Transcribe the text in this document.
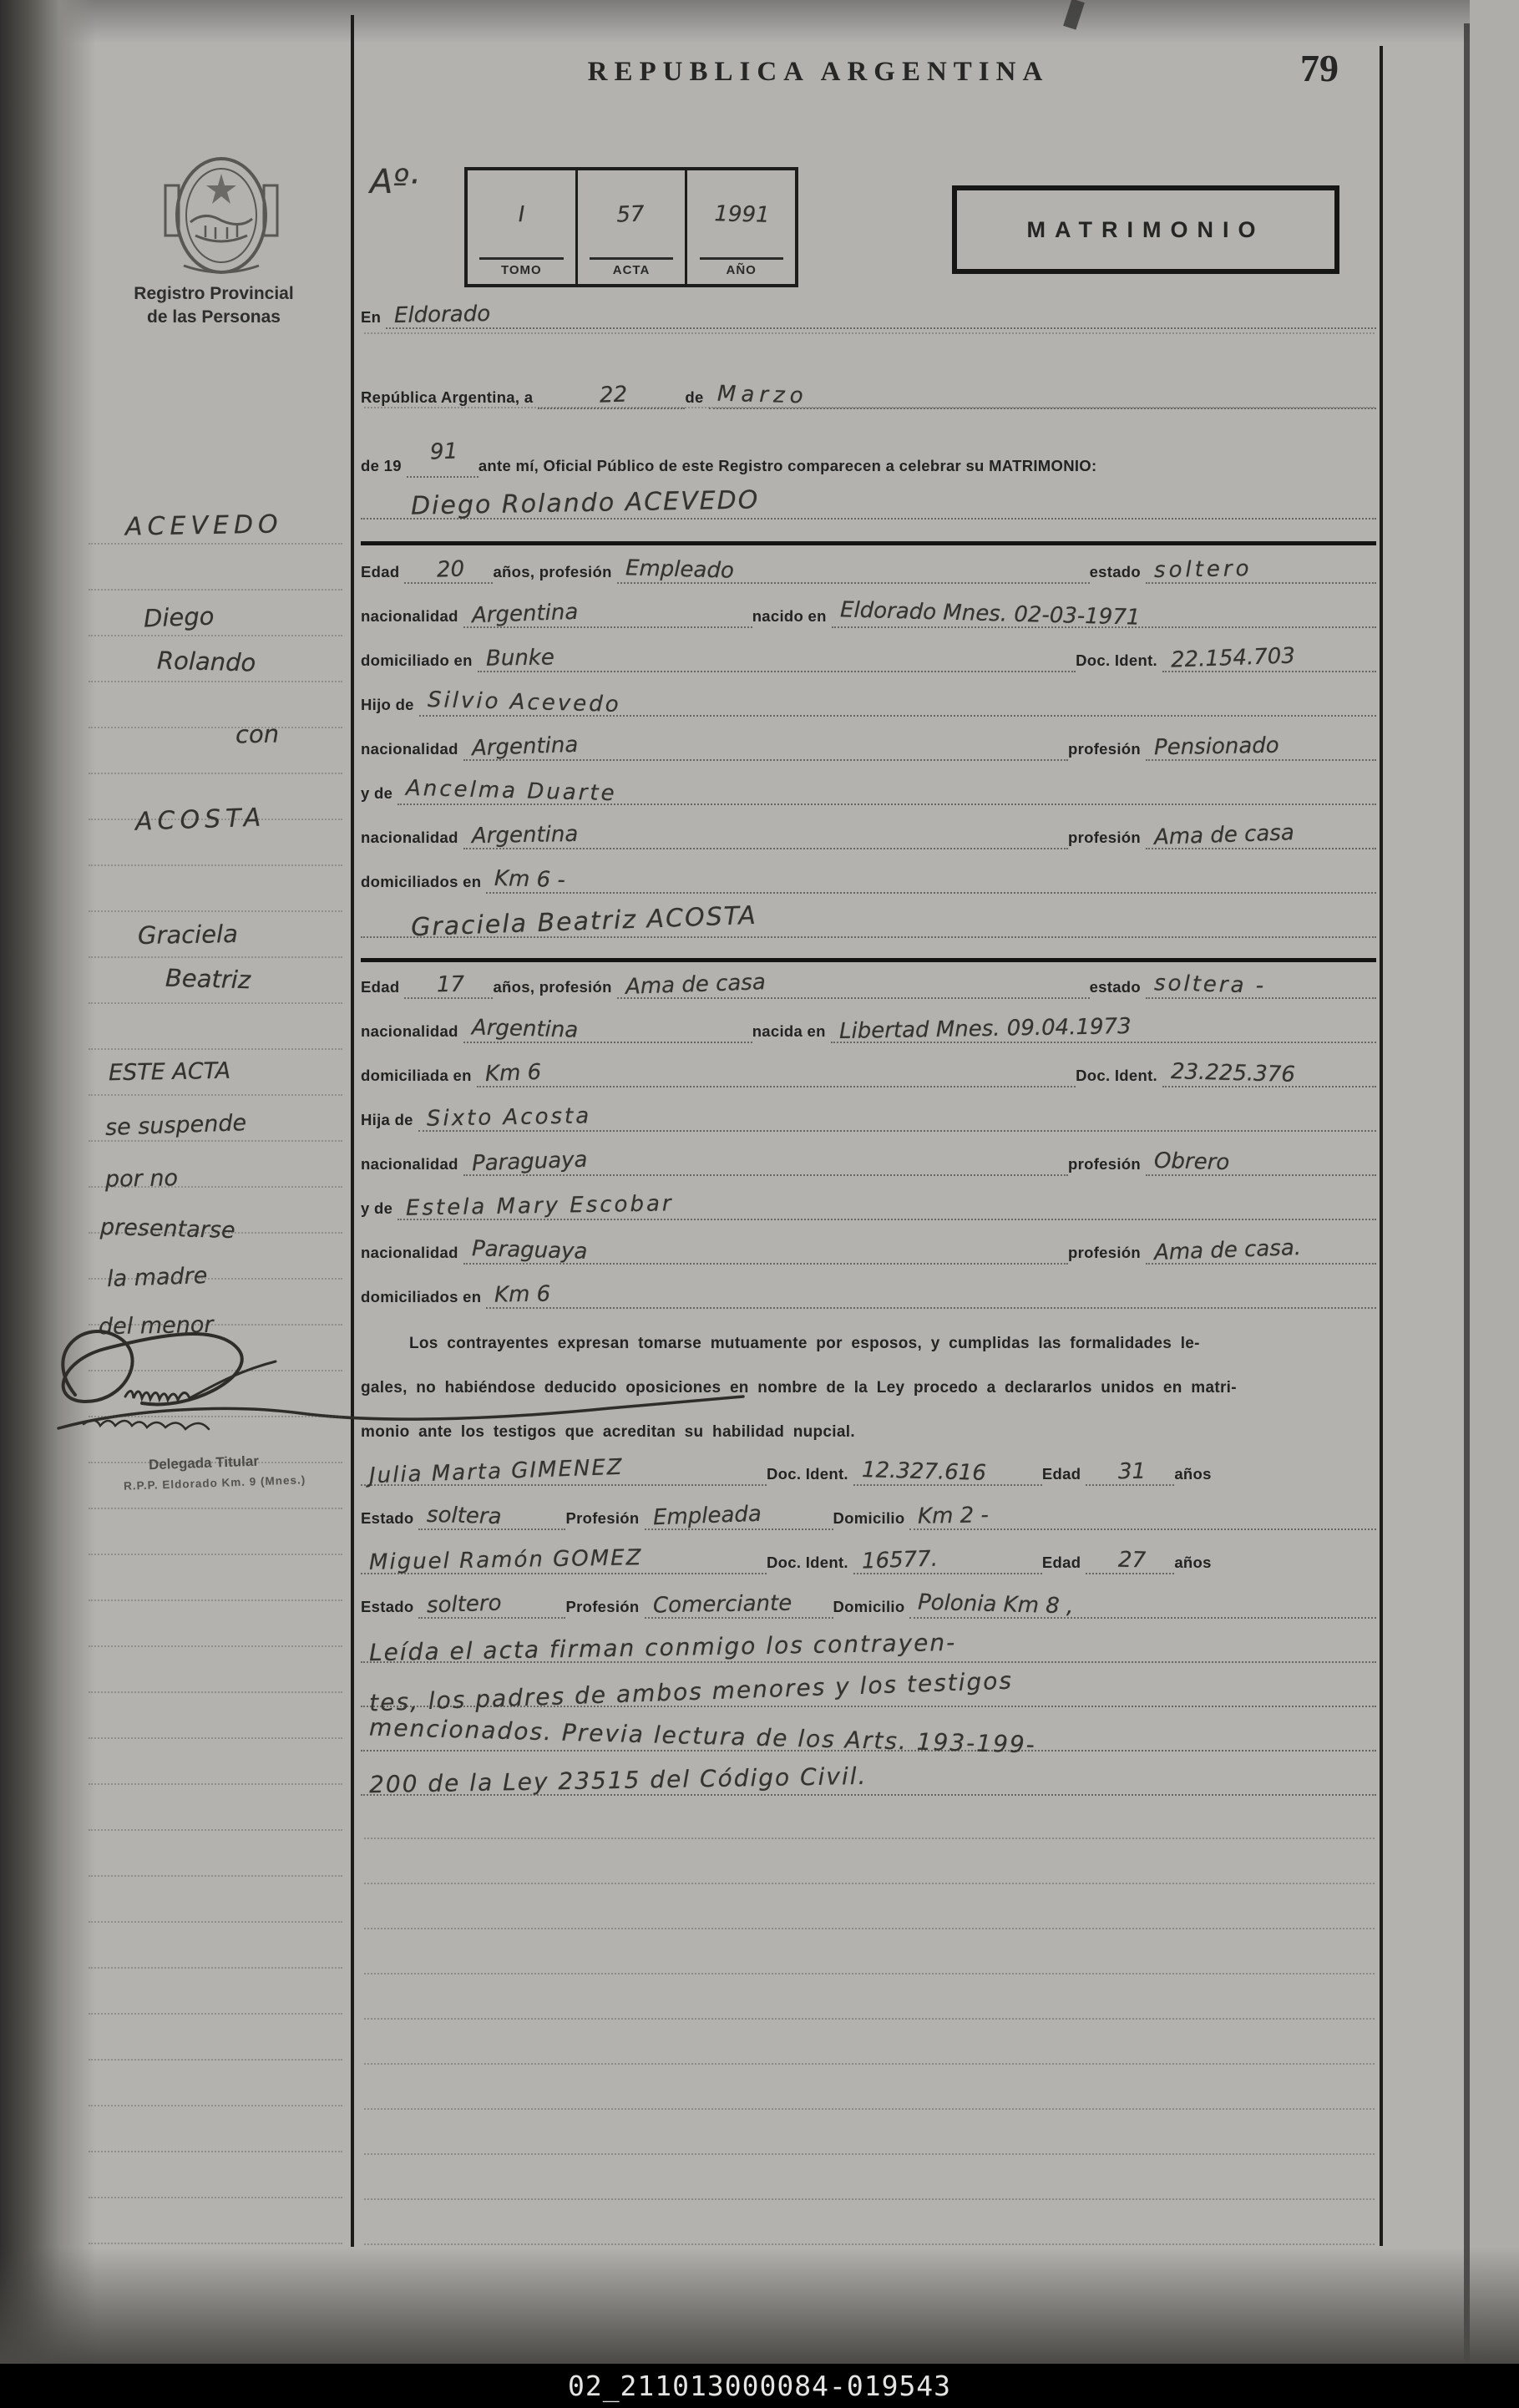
REPUBLICA ARGENTINA	79
Aº·
I
TOMO
57
ACTA
1991
AÑO
MATRIMONIO
Registro Provincial
de las Personas
ACEVEDO
Diego
Rolando
con
ACOSTA
Graciela
Beatriz
ESTE ACTA
se suspende
por no
presentarse
la madre
del menor
Delegada Titular
R.P.P. Eldorado Km. 9 (Mnes.)
En Eldorado
República Argentina, a	22	de Marzo
de 19
91
ante mí, Oficial Público de este Registro comparecen a celebrar su MATRIMONIO:
Diego Rolando ACEVEDO
Edad 20 años, profesión Empleado	estado soltero
nacionalidad Argentina	nacido en Eldorado Mnes. 02-03-1971
domiciliado en Bunke	Doc. Ident. 22.154.703
Hijo de Silvio Acevedo
nacionalidad Argentina	profesión Pensionado
y de Ancelma Duarte
nacionalidad Argentina	profesión Ama de casa
domiciliados en Km 6 -
Graciela Beatriz ACOSTA
Edad 17 años, profesión Ama de casa	estado soltera -
nacionalidad Argentina	nacida en Libertad Mnes. 09.04.1973
domiciliada en Km 6	Doc. Ident. 23.225.376
Hija de Sixto Acosta
nacionalidad Paraguaya	profesión Obrero
y de Estela Mary Escobar
nacionalidad Paraguaya	profesión Ama de casa.
domiciliados en Km 6
Los contrayentes expresan tomarse mutuamente por esposos, y cumplidas las formalidades le-
gales, no habiéndose deducido oposiciones en nombre de la Ley procedo a declararlos unidos en matri-
monio ante los testigos que acreditan su habilidad nupcial.
Julia Marta GIMENEZ	Doc. Ident. 12.327.616	Edad 31 años
Estado soltera	Profesión Empleada	Domicilio Km 2 -
Miguel Ramón GOMEZ	Doc. Ident. 16577.	Edad 27 años
Estado soltero	Profesión Comerciante	Domicilio Polonia Km 8 ,
Leída el acta firman conmigo los contrayen-
tes, los padres de ambos menores y los testigos
mencionados. Previa lectura de los Arts. 193-199-
200 de la Ley 23515 del Código Civil.
02_211013000084-019543
